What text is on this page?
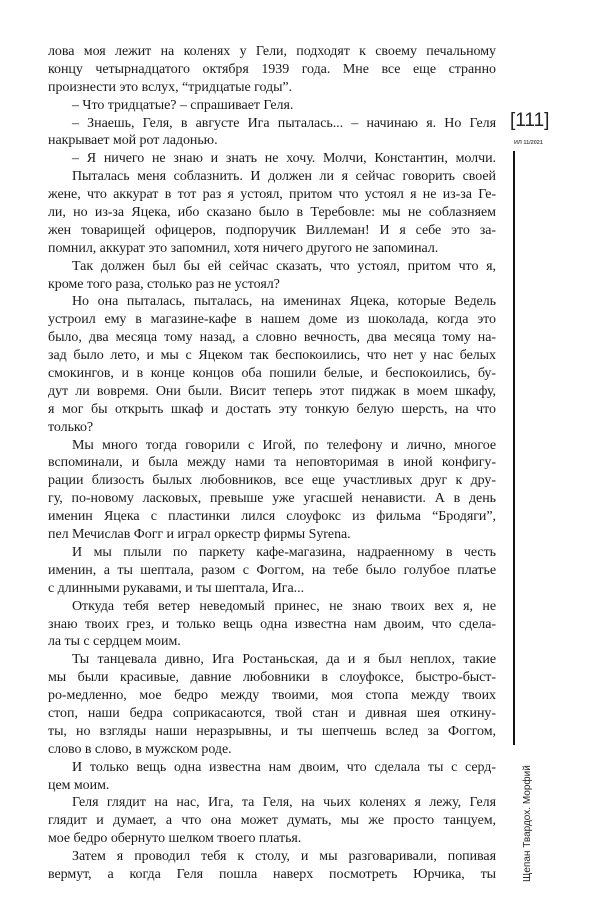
лова моя лежит на коленях у Гели, подходят к своему печальному
концу четырнадцатого октября 1939 года. Мне все еще странно
произнести это вслух, “тридцатые годы”.
– Что тридцатые? – спрашивает Геля.
– Знаешь, Геля, в августе Ига пыталась... – начинаю я. Но Геля
накрывает мой рот ладонью.
– Я ничего не знаю и знать не хочу. Молчи, Константин, молчи.
Пыталась меня соблазнить. И должен ли я сейчас говорить своей
жене, что аккурат в тот раз я устоял, притом что устоял я не из-за Ге-
ли, но из-за Яцека, ибо сказано было в Теребовле: мы не соблазняем
жен товарищей офицеров, подпоручик Виллеман! И я себе это за-
помнил, аккурат это запомнил, хотя ничего другого не запоминал.
Так должен был бы ей сейчас сказать, что устоял, притом что я,
кроме того раза, столько раз не устоял?
Но она пыталась, пыталась, на именинах Яцека, которые Ведель
устроил ему в магазине-кафе в нашем доме из шоколада, когда это
было, два месяца тому назад, а словно вечность, два месяца тому на-
зад было лето, и мы с Яцеком так беспокоились, что нет у нас белых
смокингов, и в конце концов оба пошили белые, и беспокоились, бу-
дут ли вовремя. Они были. Висит теперь этот пиджак в моем шкафу,
я мог бы открыть шкаф и достать эту тонкую белую шерсть, на что
только?
Мы много тогда говорили с Игой, по телефону и лично, многое
вспоминали, и была между нами та неповторимая в иной конфигу-
рации близость былых любовников, все еще участливых друг к дру-
гу, по-новому ласковых, превыше уже угасшей ненависти. А в день
именин Яцека с пластинки лился слоуфокс из фильма “Бродяги”,
пел Мечислав Фогг и играл оркестр фирмы Syrena.
И мы плыли по паркету кафе-магазина, надраенному в честь
именин, а ты шептала, разом с Фоггом, на тебе было голубое платье
с длинными рукавами, и ты шептала, Ига...
Откуда тебя ветер неведомый принес, не знаю твоих вех я, не
знаю твоих грез, и только вещь одна известна нам двоим, что сдела-
ла ты с сердцем моим.
Ты танцевала дивно, Ига Ростаньская, да и я был неплох, такие
мы были красивые, давние любовники в слоуфоксе, быстро-быст-
ро-медленно, мое бедро между твоими, моя стопа между твоих
стоп, наши бедра соприкасаются, твой стан и дивная шея откину-
ты, но взгляды наши неразрывны, и ты шепчешь вслед за Фоггом,
слово в слово, в мужском роде.
И только вещь одна известна нам двоим, что сделала ты с серд-
цем моим.
Геля глядит на нас, Ига, та Геля, на чьих коленях я лежу, Геля
глядит и думает, а что она может думать, мы же просто танцуем,
мое бедро обернуто шелком твоего платья.
Затем я проводил тебя к столу, и мы разговаривали, попивая
вермут, а когда Геля пошла наверх посмотреть Юрчика, ты
[111]
ИЛ 11/2021
Щепан Твардох. Морфий
